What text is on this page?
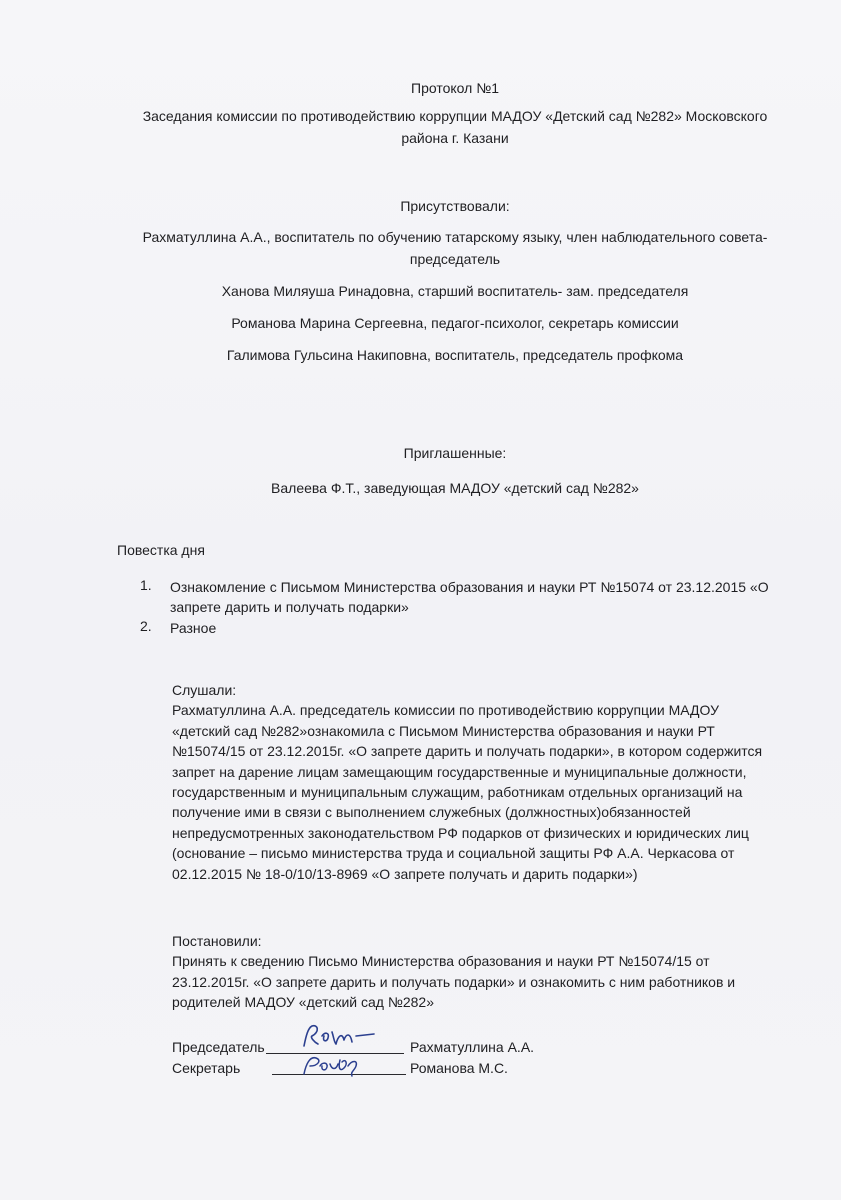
Протокол №1
Заседания комиссии по противодействию коррупции МАДОУ «Детский сад №282» Московского
района г. Казани
Присутствовали:
Рахматуллина А.А., воспитатель по обучению татарскому языку, член наблюдательного совета-
председатель
Ханова Миляуша Ринадовна, старший воспитатель- зам. председателя
Романова Марина Сергеевна, педагог-психолог, секретарь комиссии
Галимова Гульсина Накиповна, воспитатель, председатель профкома
Приглашенные:
Валеева Ф.Т., заведующая МАДОУ «детский сад №282»
Повестка дня
1. Ознакомление с Письмом Министерства образования и науки РТ №15074 от 23.12.2015 «О
запрете дарить и получать подарки»
2. Разное
Слушали:
Рахматуллина А.А. председатель комиссии по противодействию коррупции МАДОУ
«детский сад №282»ознакомила с Письмом Министерства образования и науки РТ
№15074/15 от 23.12.2015г. «О запрете дарить и получать подарки», в котором содержится
запрет на дарение лицам замещающим государственные и муниципальные должности,
государственным и муниципальным служащим, работникам отдельных организаций на
получение ими в связи с выполнением служебных (должностных)обязанностей
непредусмотренных законодательством РФ подарков от физических и юридических лиц
(основание – письмо министерства труда и социальной защиты РФ А.А. Черкасова от
02.12.2015 № 18-0/10/13-8969 «О запрете получать и дарить подарки»)
Постановили:
Принять к сведению Письмо Министерства образования и науки РТ №15074/15 от
23.12.2015г. «О запрете дарить и получать подарки» и ознакомить с ним работников и
родителей МАДОУ «детский сад №282»
Председатель	Рахматуллина А.А.
Секретарь	Романова М.С.
